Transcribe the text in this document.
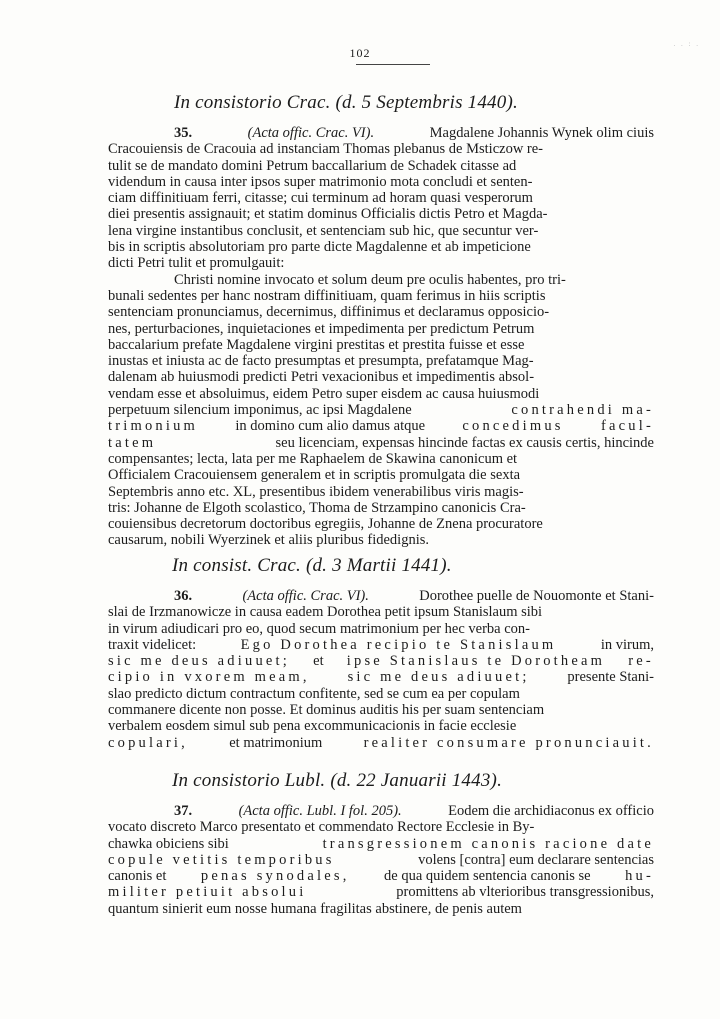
. . : .
102
In consistorio Crac. (d. 5 Septembris 1440).
35.	(Acta offic. Crac. VI).	Magdalene Johannis Wynek olim ciuis
Cracouiensis de Cracouia ad instanciam Thomas plebanus de Msticzow re-
tulit se de mandato domini Petrum baccallarium de Schadek citasse ad
videndum in causa inter ipsos super matrimonio mota concludi et senten-
ciam diffinitiuam ferri, citasse; cui terminum ad horam quasi vesperorum
diei presentis assignauit; et statim dominus Officialis dictis Petro et Magda-
lena virgine instantibus conclusit, et sentenciam sub hic, que secuntur ver-
bis in scriptis absolutoriam pro parte dicte Magdalenne et ab impeticione
dicti Petri tulit et promulgauit:
Christi nomine invocato et solum deum pre oculis habentes, pro tri-
bunali sedentes per hanc nostram diffinitiuam, quam ferimus in hiis scriptis
sentenciam pronunciamus, decernimus, diffinimus et declaramus opposicio-
nes, perturbaciones, inquietaciones et impedimenta per predictum Petrum
baccalarium prefate Magdalene virgini prestitas et prestita fuisse et esse
inustas et iniusta ac de facto presumptas et presumpta, prefatamque Mag-
dalenam ab huiusmodi predicti Petri vexacionibus et impedimentis absol-
vendam esse et absoluimus, eidem Petro super eisdem ac causa huiusmodi
perpetuum silencium imponimus, ac ipsi Magdalene	contrahendi ma-
trimonium	in domino cum alio damus atque	concedimus	facul-
tatem	seu licenciam, expensas hincinde factas ex causis certis, hincinde
compensantes; lecta, lata per me Raphaelem de Skawina canonicum et
Officialem Cracouiensem generalem et in scriptis promulgata die sexta
Septembris anno etc. XL, presentibus ibidem venerabilibus viris magis-
tris: Johanne de Elgoth scolastico, Thoma de Strzampino canonicis Cra-
couiensibus decretorum doctoribus egregiis, Johanne de Znena procuratore
causarum, nobili Wyerzinek et aliis pluribus fidedignis.
In consist. Crac. (d. 3 Martii 1441).
36.	(Acta offic. Crac. VI).	Dorothee puelle de Nouomonte et Stani-
slai de Irzmanowicze in causa eadem Dorothea petit ipsum Stanislaum sibi
in virum adiudicari pro eo, quod secum matrimonium per hec verba con-
traxit videlicet:	Ego Dorothea recipio te Stanislaum	in virum,
sic me deus adiuuet; et ipse Stanislaus te Dorotheam re-
cipio in vxorem meam,	sic me deus adiuuet;	presente Stani-
slao predicto dictum contractum confitente, sed se cum ea per copulam
commanere dicente non posse. Et dominus auditis his per suam sentenciam
verbalem eosdem simul sub pena excommunicacionis in facie ecclesie
copulari,	et matrimonium	realiter consumare pronunciauit.
In consistorio Lubl. (d. 22 Januarii 1443).
37.	(Acta offic. Lubl. I fol. 205).	Eodem die archidiaconus ex officio
vocato discreto Marco presentato et commendato Rectore Ecclesie in By-
chawka obiciens sibi	transgressionem canonis racione date
copule vetitis temporibus	volens [contra] eum declarare sentencias
canonis et penas synodales, de qua quidem sentencia canonis se hu-
militer petiuit absolui	promittens ab vlterioribus transgressionibus,
quantum sinierit eum nosse humana fragilitas abstinere, de penis autem
